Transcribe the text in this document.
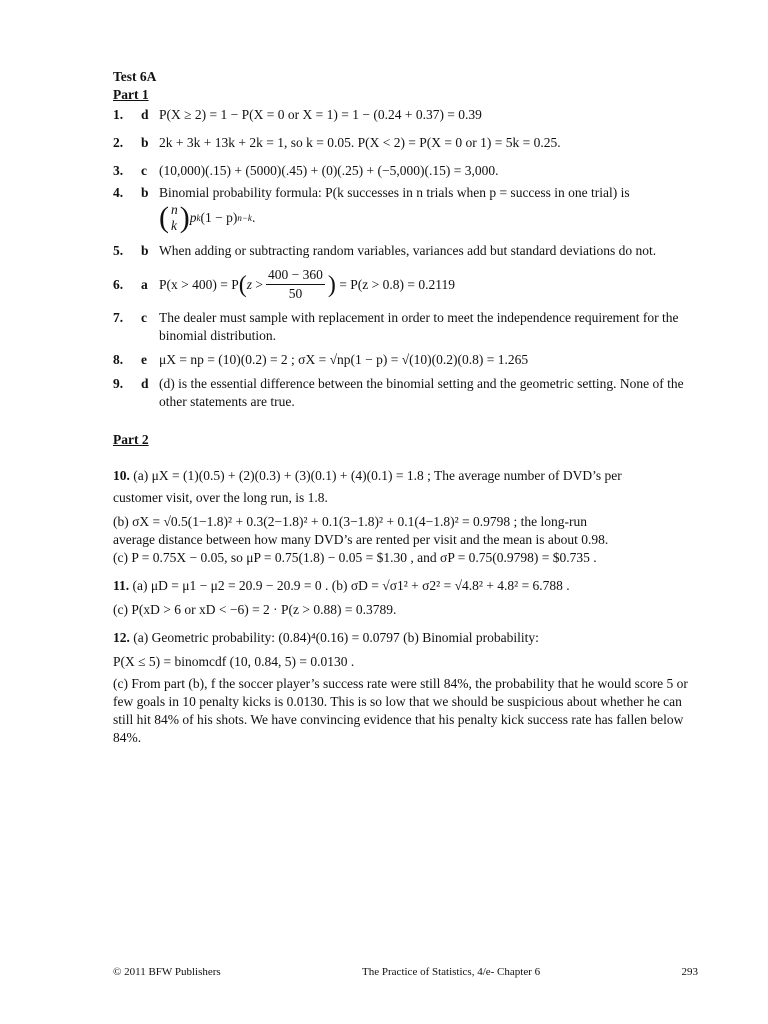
Test 6A
Part 1
1.	d P(X ≥ 2) = 1 − P(X = 0 or X = 1) = 1 − (0.24 + 0.37) = 0.39
2.	b 2k + 3k + 13k + 2k = 1, so k = 0.05. P(X < 2) = P(X = 0 or 1) = 5k = 0.25.
3.	c (10,000)(.15) + (5000)(.45) + (0)(.25) + (−5,000)(.15) = 3,000.
4.	b Binomial probability formula: P(k successes in n trials when p = success in one trial) is

( n
k ) p k (1 − p) n−k .
5.	b When adding or subtracting random variables, variances add but standard deviations do not.
6.	a P(x > 400) = P ( $z > \frac{400 - 360}{50}$ )
= P(z > 0.8) = 0.2119
7.	c The dealer must sample with replacement in order to meet the independence requirement for the binomial distribution.
8.	e μX = np = (10)(0.2) = 2 ; σX = √np(1 − p) = √(10)(0.2)(0.8) = 1.265
9.	d (d) is the essential difference between the binomial setting and the geometric setting. None of the other statements are true.
Part 2

10. (a) μX = (1)(0.5) + (2)(0.3) + (3)(0.1) + (4)(0.1) = 1.8 ; The average number of DVD’s per

customer visit, over the long run, is 1.8.

(b) σX = √0.5(1−1.8)² + 0.3(2−1.8)² + 0.1(3−1.8)² + 0.1(4−1.8)² = 0.9798 ; the long-run

average distance between how many DVD’s are rented per visit and the mean is about 0.98.

(c) P = 0.75X − 0.05, so μP = 0.75(1.8) − 0.05 = $1.30 , and σP = 0.75(0.9798) = $0.735 .

11. (a) μD = μ1 − μ2 = 20.9 − 20.9 = 0 . (b) σD = √σ1² + σ2² = √4.8² + 4.8² = 6.788 .

(c) P(xD > 6 or xD < −6) = 2 · P(z > 0.88) = 0.3789.

12. (a) Geometric probability: (0.84)⁴(0.16) = 0.0797 (b) Binomial probability:

P(X ≤ 5) = binomcdf (10, 0.84, 5) = 0.0130 .

(c) From part (b), f the soccer player’s success rate were still 84%, the probability that he would score 5 or few goals in 10 penalty kicks is 0.0130. This is so low that we should be suspicious about whether he can still hit 84% of his shots. We have convincing evidence that his penalty kick success rate has fallen below 84%.

© 2011 BFW Publishers	The Practice of Statistics, 4/e- Chapter 6	293
